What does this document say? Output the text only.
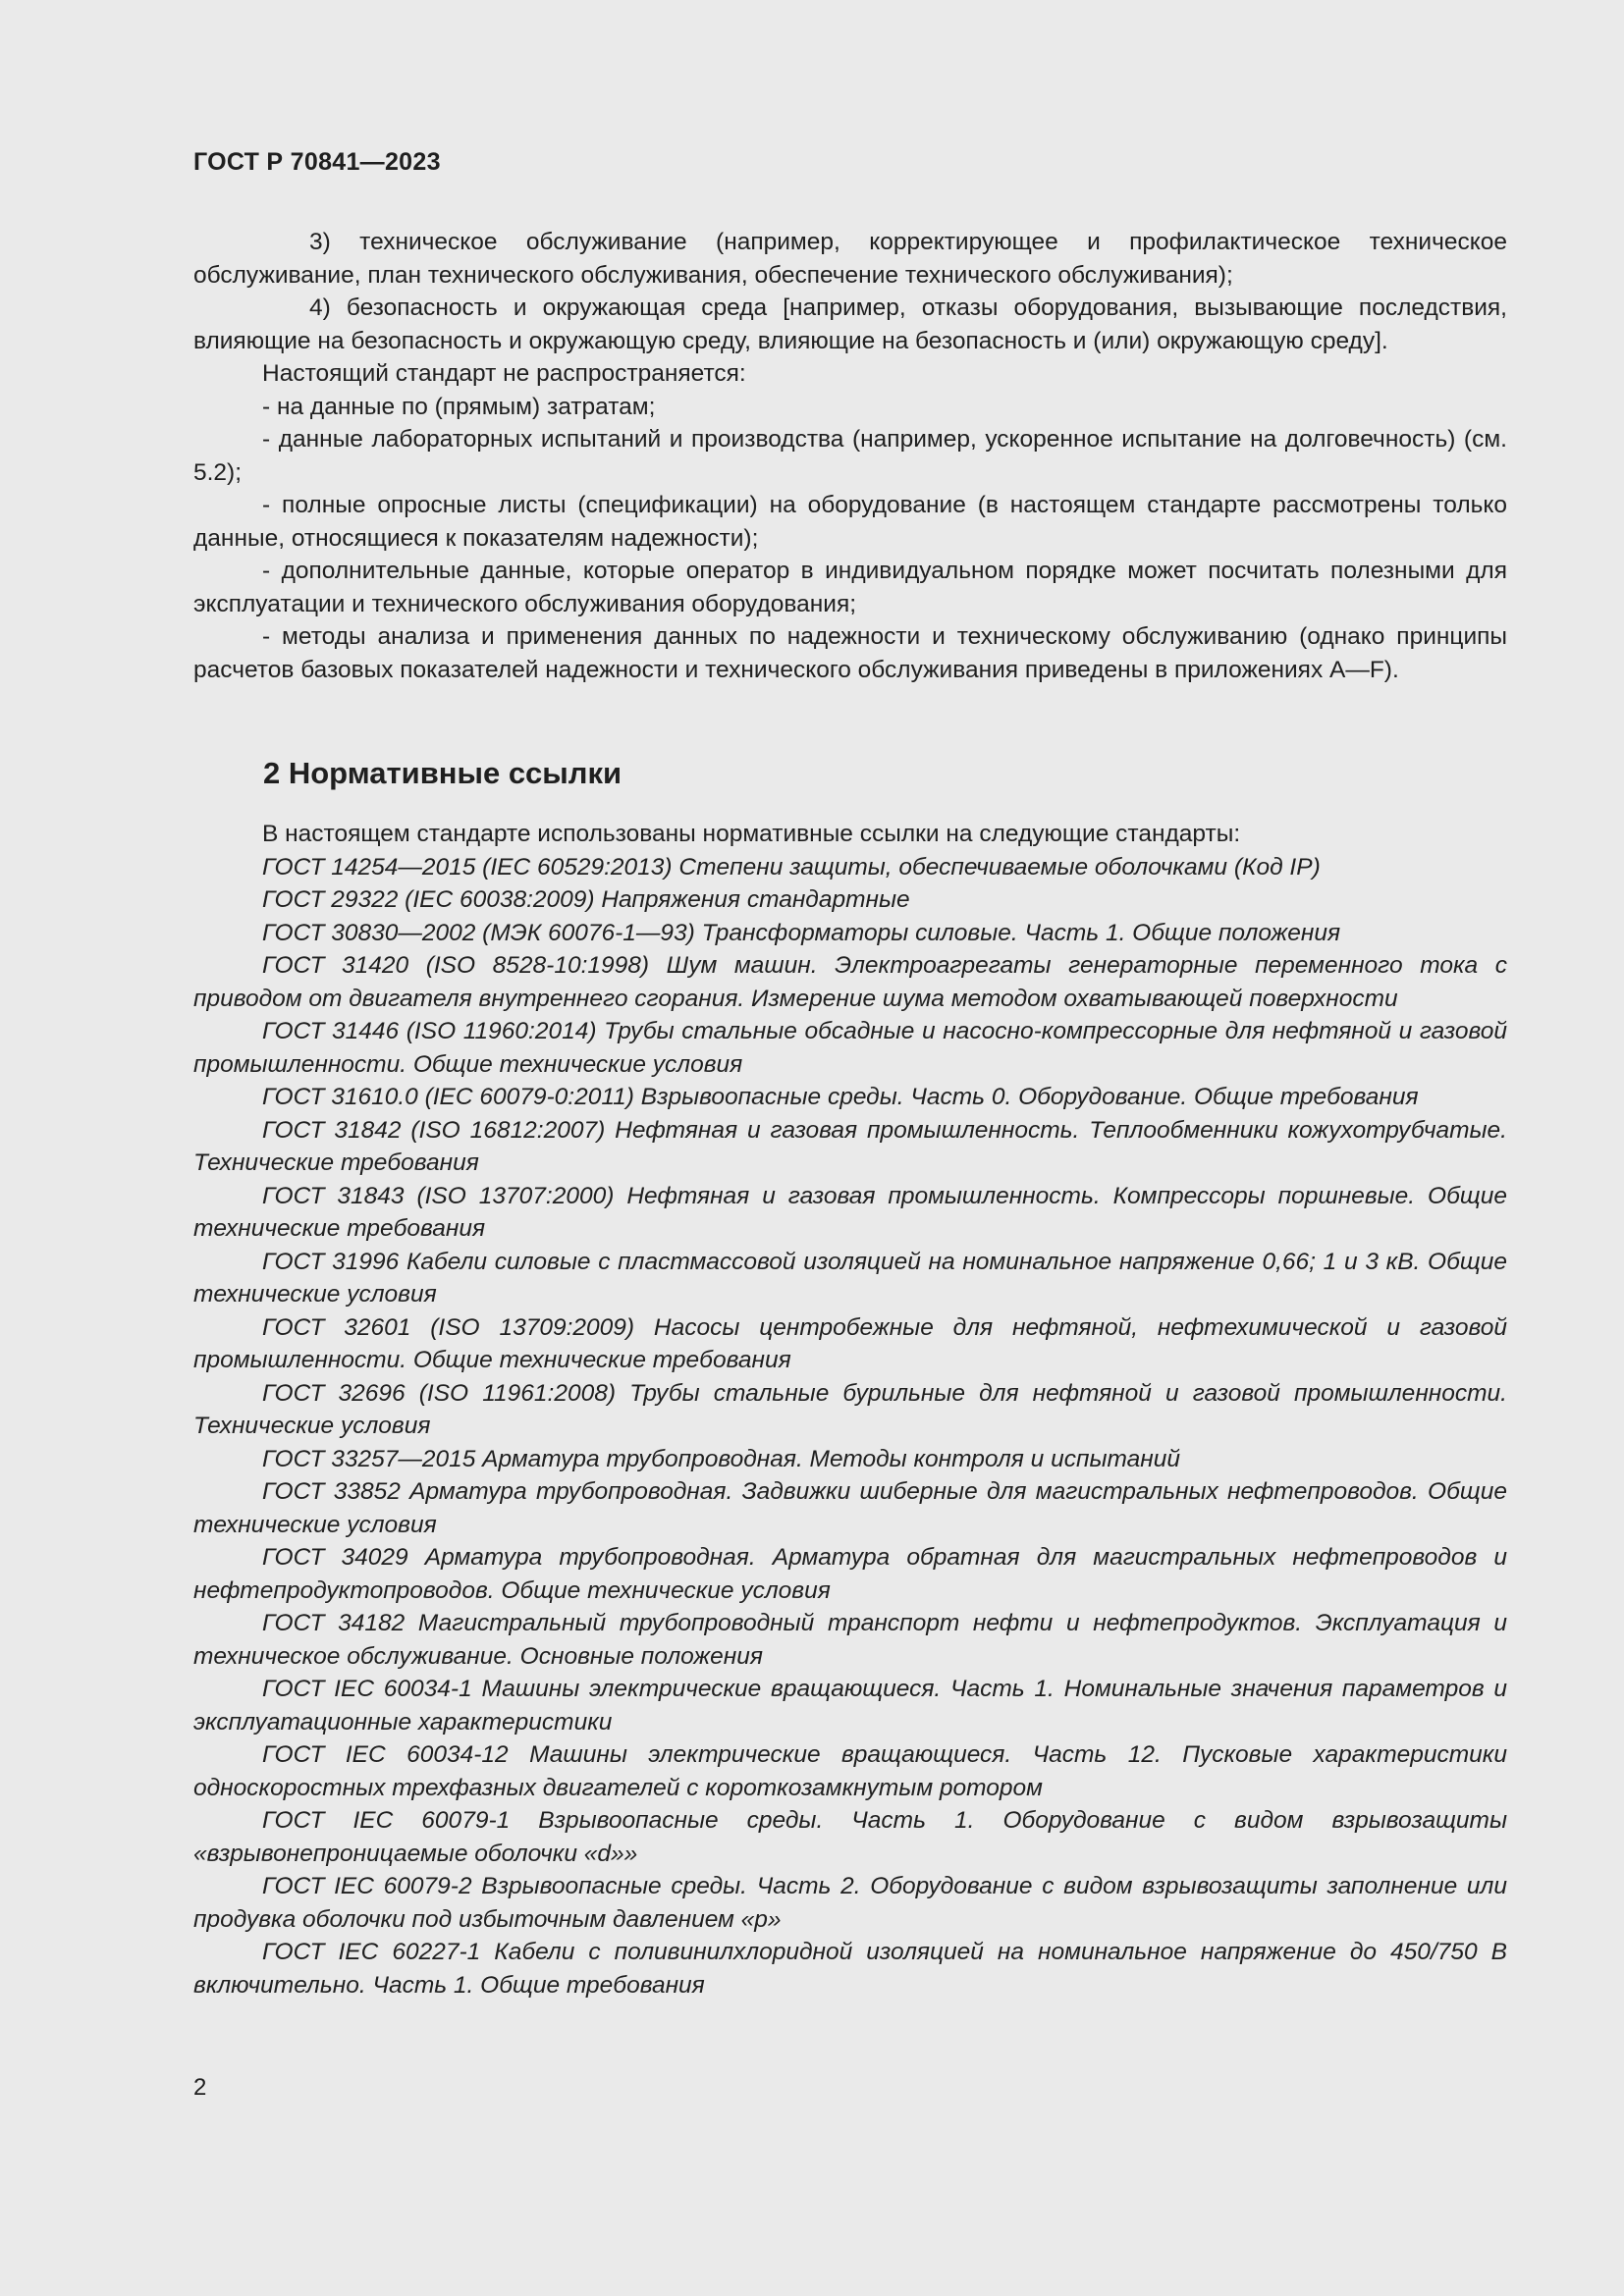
ГОСТ Р 70841—2023

3) техническое обслуживание (например, корректирующее и профилактическое техническое обслуживание, план технического обслуживания, обеспечение технического обслуживания);

4) безопасность и окружающая среда [например, отказы оборудования, вызывающие последствия, влияющие на безопасность и окружающую среду, влияющие на безопасность и (или) окружающую среду].

Настоящий стандарт не распространяется:

- на данные по (прямым) затратам;

- данные лабораторных испытаний и производства (например, ускоренное испытание на долговечность) (см. 5.2);

- полные опросные листы (спецификации) на оборудование (в настоящем стандарте рассмотрены только данные, относящиеся к показателям надежности);

- дополнительные данные, которые оператор в индивидуальном порядке может посчитать полезными для эксплуатации и технического обслуживания оборудования;

- методы анализа и применения данных по надежности и техническому обслуживанию (однако принципы расчетов базовых показателей надежности и технического обслуживания приведены в приложениях А—F).

2 Нормативные ссылки

В настоящем стандарте использованы нормативные ссылки на следующие стандарты:

ГОСТ 14254—2015 (IEC 60529:2013) Степени защиты, обеспечиваемые оболочками (Код IP)

ГОСТ 29322 (IEC 60038:2009) Напряжения стандартные

ГОСТ 30830—2002 (МЭК 60076-1—93) Трансформаторы силовые. Часть 1. Общие положения

ГОСТ 31420 (ISO 8528-10:1998) Шум машин. Электроагрегаты генераторные переменного тока с приводом от двигателя внутреннего сгорания. Измерение шума методом охватывающей поверхности

ГОСТ 31446 (ISO 11960:2014) Трубы стальные обсадные и насосно-компрессорные для нефтяной и газовой промышленности. Общие технические условия

ГОСТ 31610.0 (IEC 60079-0:2011) Взрывоопасные среды. Часть 0. Оборудование. Общие требования

ГОСТ 31842 (ISO 16812:2007) Нефтяная и газовая промышленность. Теплообменники кожухотрубчатые. Технические требования

ГОСТ 31843 (ISO 13707:2000) Нефтяная и газовая промышленность. Компрессоры поршневые. Общие технические требования

ГОСТ 31996 Кабели силовые с пластмассовой изоляцией на номинальное напряжение 0,66; 1 и 3 кВ. Общие технические условия

ГОСТ 32601 (ISO 13709:2009) Насосы центробежные для нефтяной, нефтехимической и газовой промышленности. Общие технические требования

ГОСТ 32696 (ISO 11961:2008) Трубы стальные бурильные для нефтяной и газовой промышленности. Технические условия

ГОСТ 33257—2015 Арматура трубопроводная. Методы контроля и испытаний

ГОСТ 33852 Арматура трубопроводная. Задвижки шиберные для магистральных нефтепроводов. Общие технические условия

ГОСТ 34029 Арматура трубопроводная. Арматура обратная для магистральных нефтепроводов и нефтепродуктопроводов. Общие технические условия

ГОСТ 34182 Магистральный трубопроводный транспорт нефти и нефтепродуктов. Эксплуатация и техническое обслуживание. Основные положения

ГОСТ IEC 60034-1 Машины электрические вращающиеся. Часть 1. Номинальные значения параметров и эксплуатационные характеристики

ГОСТ IEC 60034-12 Машины электрические вращающиеся. Часть 12. Пусковые характеристики односкоростных трехфазных двигателей с короткозамкнутым ротором

ГОСТ IEC 60079-1 Взрывоопасные среды. Часть 1. Оборудование с видом взрывозащиты «взрывонепроницаемые оболочки «d»»

ГОСТ IEC 60079-2 Взрывоопасные среды. Часть 2. Оборудование с видом взрывозащиты заполнение или продувка оболочки под избыточным давлением «р»

ГОСТ IEC 60227-1 Кабели с поливинилхлоридной изоляцией на номинальное напряжение до 450/750 В включительно. Часть 1. Общие требования

2
